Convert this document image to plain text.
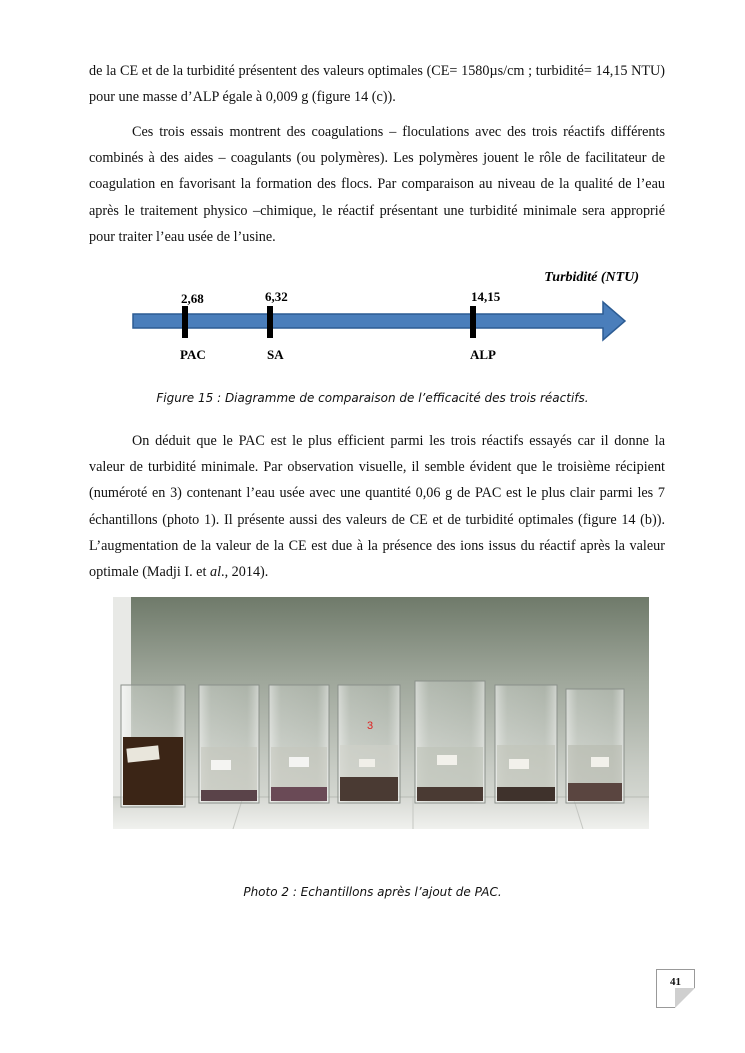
de la CE et de la turbidité présentent des valeurs optimales (CE= 1580µs/cm ; turbidité= 14,15 NTU) pour une masse d’ALP égale à 0,009 g (figure 14 (c)).

Ces trois essais montrent des coagulations – floculations avec des trois réactifs différents combinés à des aides – coagulants (ou polymères). Les polymères jouent le rôle de facilitateur de coagulation en favorisant la formation des flocs. Par comparaison au niveau de la qualité de l’eau après le traitement physico –chimique, le réactif présentant une turbidité minimale sera approprié pour traiter l’eau usée de l’usine.

Turbidité (NTU)
2,68
PAC
6,32
SA
14,15
ALP
Figure 15 : Diagramme de comparaison de l’efficacité des trois réactifs.

On déduit que le PAC est le plus efficient parmi les trois réactifs essayés car il donne la valeur de turbidité minimale. Par observation visuelle, il semble évident que le troisième récipient (numéroté en 3) contenant l’eau usée avec une quantité 0,06 g de PAC est le plus clair parmi les 7 échantillons (photo 1). Il présente aussi des valeurs de CE et de turbidité optimales (figure 14 (b)). L’augmentation de la valeur de la CE est due à la présence des ions issus du réactif après la valeur optimale (Madji I. et al., 2014).

3
Photo 2 : Echantillons après l’ajout de PAC.
41
